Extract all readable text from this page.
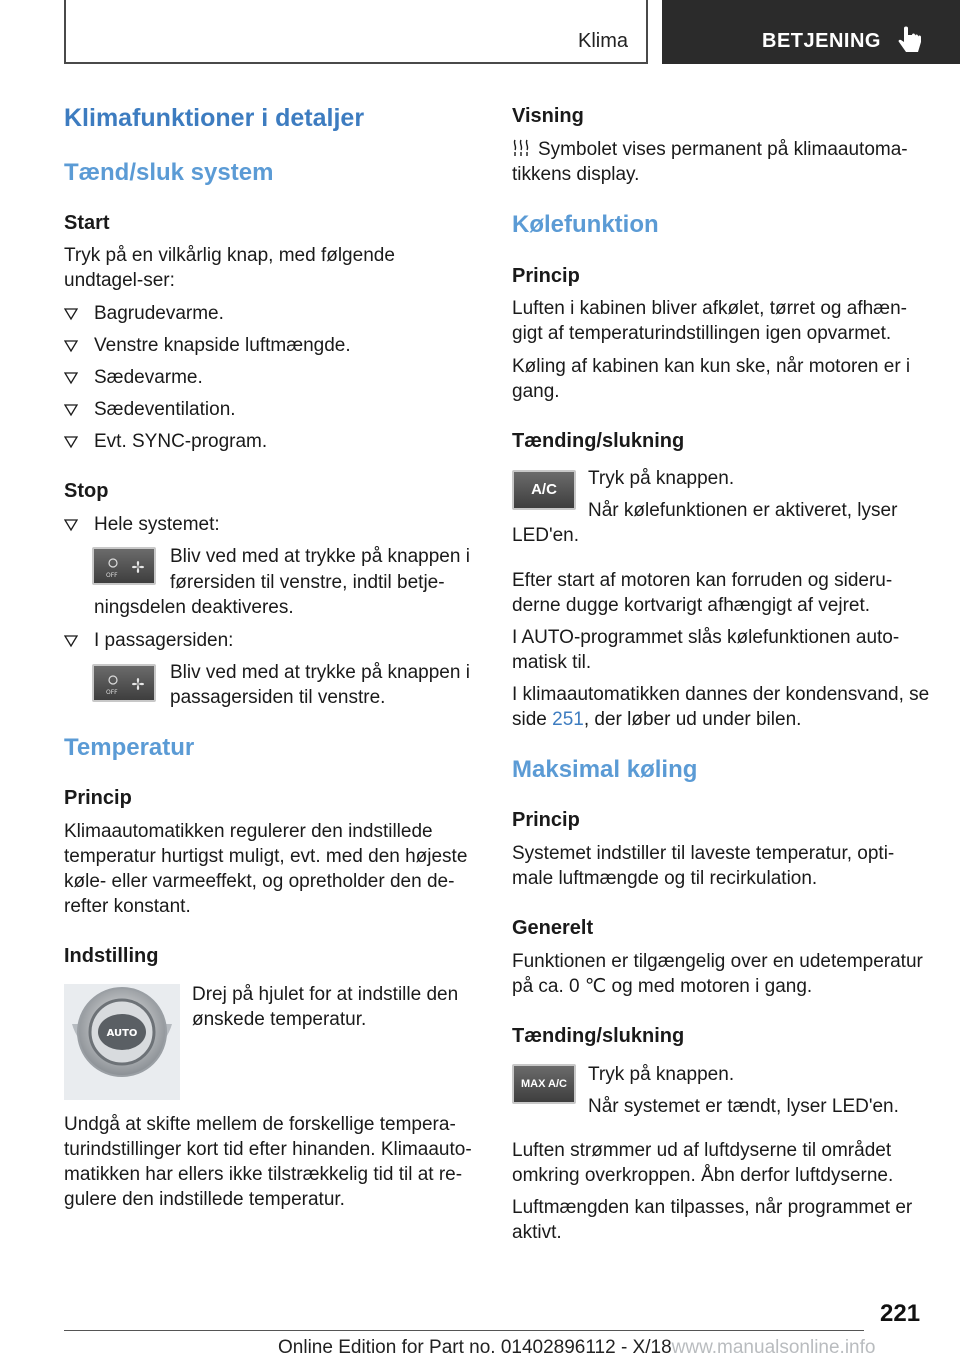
Klima	BETJENING
Klimafunktioner i detaljer
Tænd/sluk system
Start
Tryk på en vilkårlig knap, med følgende undtagel-ser:
Bagrudevarme.
Venstre knapside luftmængde.
Sædevarme.
Sædeventilation.
Evt. SYNC-program.
Stop
Hele systemet:
OFF
Bliv ved med at trykke på knappen i
førersiden til venstre, indtil betje-
ningsdelen deaktiveres.
I passagersiden:
OFF
Bliv ved med at trykke på knappen i
passagersiden til venstre.
Temperatur
Princip
Klimaautomatikken regulerer den indstillede temperatur hurtigst muligt, evt. med den højeste køle- eller varmeeffekt, og opretholder den de-refter konstant.
Indstilling
AUTO
Drej på hjulet for at indstille den ønskede temperatur.
Undgå at skifte mellem de forskellige tempera-turindstillinger kort tid efter hinanden. Klimaauto-matikken har ellers ikke tilstrækkelig tid til at re-gulere den indstillede temperatur.
Visning
Symbolet vises permanent på klimaautoma-
tikkens display.
Kølefunktion
Princip
Luften i kabinen bliver afkølet, tørret og afhæn-gigt af temperaturindstillingen igen opvarmet.
Køling af kabinen kan kun ske, når motoren er i gang.
Tænding/slukning
A/C
Tryk på knappen.
Når kølefunktionen er aktiveret, lyser
LED'en.
Efter start af motoren kan forruden og sideru-derne dugge kortvarigt afhængigt af vejret.
I AUTO-programmet slås kølefunktionen auto-matisk til.
I klimaautomatikken dannes der kondensvand, se
side 251, der løber ud under bilen.
Maksimal køling
Princip
Systemet indstiller til laveste temperatur, opti-male luftmængde og til recirkulation.
Generelt
Funktionen er tilgængelig over en udetemperatur på ca. 0 ℃ og med motoren i gang.
Tænding/slukning
MAX A/C	Tryk på knappen.
Når systemet er tændt, lyser LED'en.
Luften strømmer ud af luftdyserne til området omkring overkroppen. Åbn derfor luftdyserne.
Luftmængden kan tilpasses, når programmet er aktivt.
221
Online Edition for Part no. 01402896112 - X/18www.manualsonline.info
